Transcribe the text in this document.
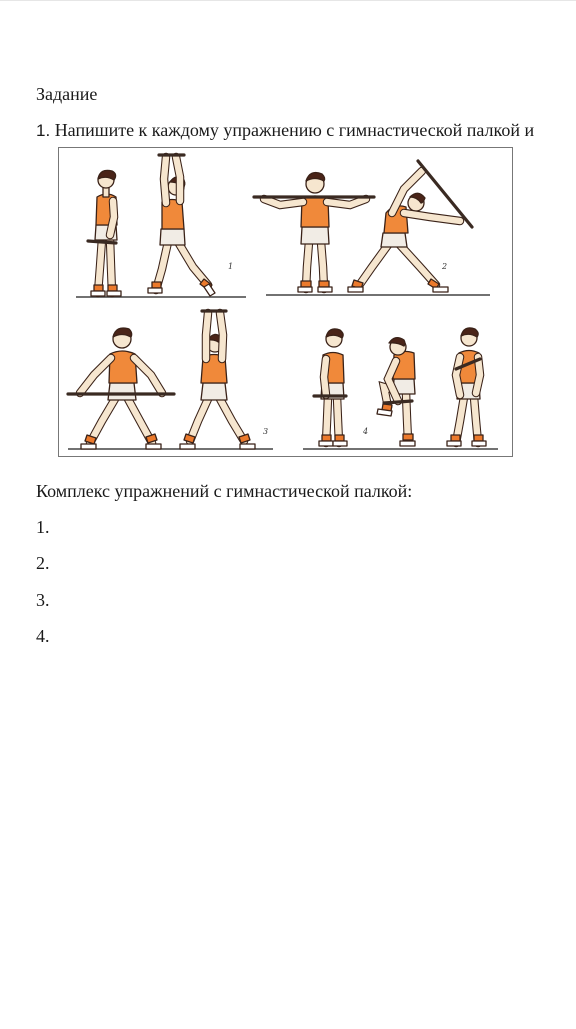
Задание
1. Напишите к каждому упражнению с гимнастической палкой и
1	2
3	4
Комплекс упражнений с гимнастической палкой:
1.
2.
3.
4.
